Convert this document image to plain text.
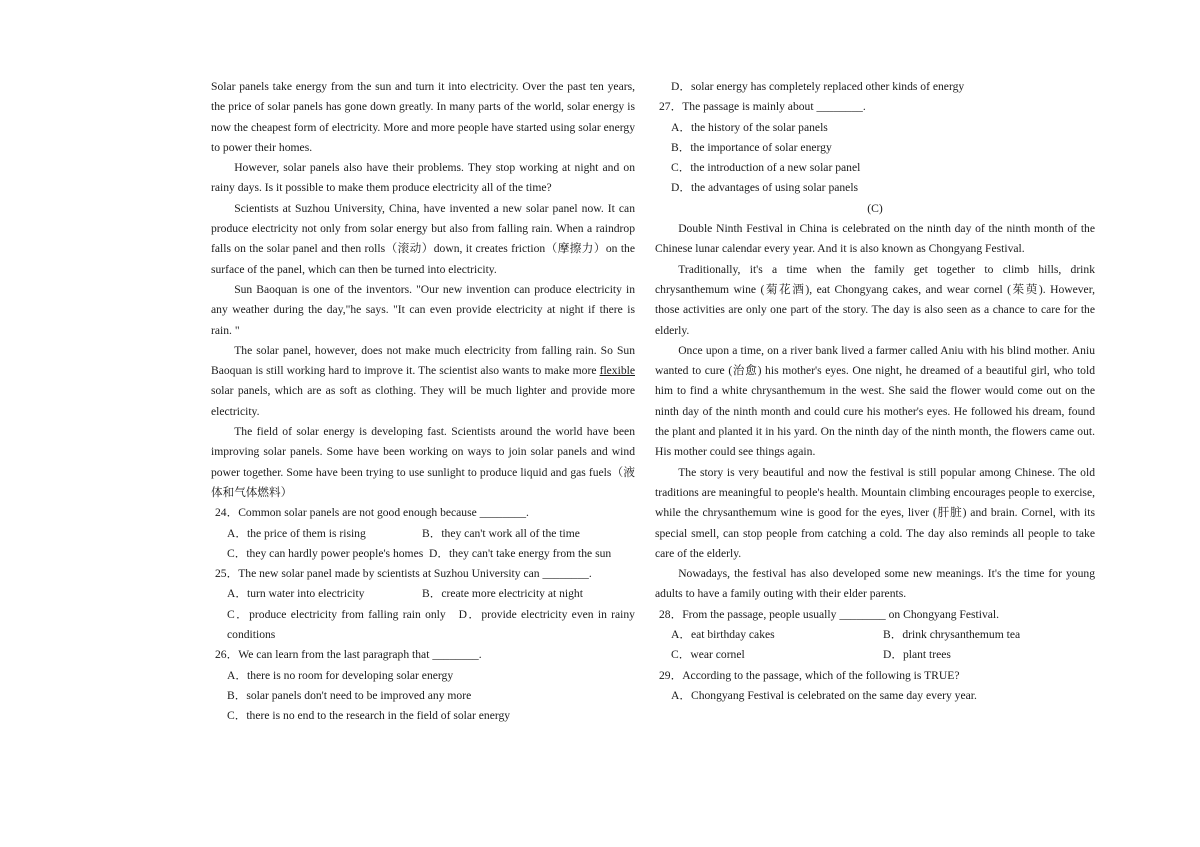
Solar panels take energy from the sun and turn it into electricity. Over the past ten years, the price of solar panels has gone down greatly. In many parts of the world, solar energy is now the cheapest form of electricity. More and more people have started using solar energy to power their homes.

However, solar panels also have their problems. They stop working at night and on rainy days. Is it possible to make them produce electricity all of the time?

Scientists at Suzhou University, China, have invented a new solar panel now. It can produce electricity not only from solar energy but also from falling rain. When a raindrop falls on the solar panel and then rolls（滚动）down, it creates friction（摩擦力）on the surface of the panel, which can then be turned into electricity.

Sun Baoquan is one of the inventors. "Our new invention can produce electricity in any weather during the day,"he says. "It can even provide electricity at night if there is rain. "

The solar panel, however, does not make much electricity from falling rain. So Sun Baoquan is still working hard to improve it. The scientist also wants to make more flexible solar panels, which are as soft as clothing. They will be much lighter and provide more electricity.

The field of solar energy is developing fast. Scientists around the world have been improving solar panels. Some have been working on ways to join solar panels and wind power together. Some have been trying to use sunlight to produce liquid and gas fuels（液体和气体燃料）

24．Common solar panels are not good enough because ________.

A．the price of them is rising	B．they can't work all of the time
C．they can hardly power people's homes D．they can't take energy from the sun

25．The new solar panel made by scientists at Suzhou University can ________.

A．turn water into electricity	B．create more electricity at night
C．produce electricity from falling rain only D．provide electricity even in rainy conditions

26．We can learn from the last paragraph that ________.

A．there is no room for developing solar energy

B．solar panels don't need to be improved any more

C．there is no end to the research in the field of solar energy

D．solar energy has completely replaced other kinds of energy

27．The passage is mainly about ________.

A．the history of the solar panels

B．the importance of solar energy

C．the introduction of a new solar panel

D．the advantages of using solar panels

(C)

Double Ninth Festival in China is celebrated on the ninth day of the ninth month of the Chinese lunar calendar every year. And it is also known as Chongyang Festival.

Traditionally, it's a time when the family get together to climb hills, drink chrysanthemum wine (菊花酒), eat Chongyang cakes, and wear cornel (茱萸). However, those activities are only one part of the story. The day is also seen as a chance to care for the elderly.

Once upon a time, on a river bank lived a farmer called Aniu with his blind mother. Aniu wanted to cure (治愈) his mother's eyes. One night, he dreamed of a beautiful girl, who told him to find a white chrysanthemum in the west. She said the flower would come out on the ninth day of the ninth month and could cure his mother's eyes. He followed his dream, found the plant and planted it in his yard. On the ninth day of the ninth month, the flowers came out. His mother could see things again.

The story is very beautiful and now the festival is still popular among Chinese. The old traditions are meaningful to people's health. Mountain climbing encourages people to exercise, while the chrysanthemum wine is good for the eyes, liver (肝脏) and brain. Cornel, with its special smell, can stop people from catching a cold. The day also reminds all people to take care of the elderly.

Nowadays, the festival has also developed some new meanings. It's the time for young adults to have a family outing with their elder parents.

28．From the passage, people usually ________ on Chongyang Festival.

A．eat birthday cakes	B．drink chrysanthemum tea
C．wear cornel	D．plant trees

29．According to the passage, which of the following is TRUE?

A．Chongyang Festival is celebrated on the same day every year.
